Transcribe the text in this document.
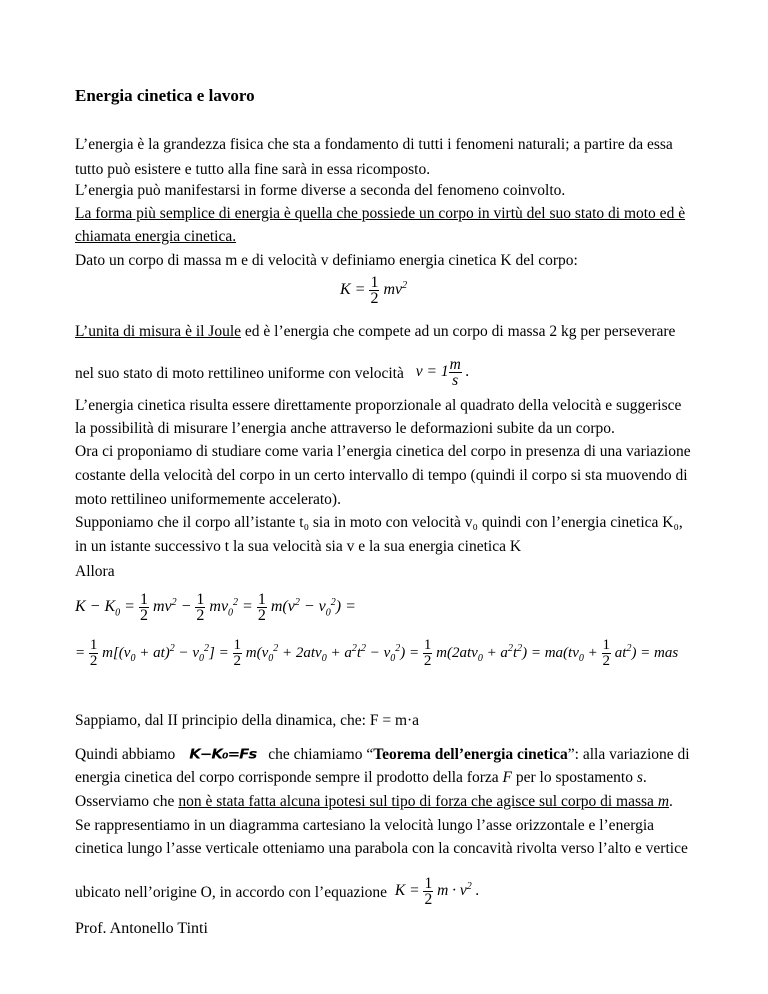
Energia cinetica e lavoro
L’energia è la grandezza fisica che sta a fondamento di tutti i fenomeni naturali; a partire da essa
tutto può esistere e tutto alla fine sarà in essa ricomposto.
L’energia può manifestarsi in forme diverse a seconda del fenomeno coinvolto.
La forma più semplice di energia è quella che possiede un corpo in virtù del suo stato di moto ed è
chiamata energia cinetica.
Dato un corpo di massa m e di velocità v definiamo energia cinetica K del corpo:
$K = \frac{1}{2} mv^2$
L’unita di misura è il Joule ed è l’energia che compete ad un corpo di massa 2 kg per perseverare
nel suo stato di moto rettilineo uniforme con velocità $v = 1 \frac{m}{s}$ .
L’energia cinetica risulta essere direttamente proporzionale al quadrato della velocità e suggerisce
la possibilità di misurare l’energia anche attraverso le deformazioni subite da un corpo.
Ora ci proponiamo di studiare come varia l’energia cinetica del corpo in presenza di una variazione
costante della velocità del corpo in un certo intervallo di tempo (quindi il corpo si sta muovendo di
moto rettilineo uniformemente accelerato).
Supponiamo che il corpo all’istante t₀ sia in moto con velocità v₀ quindi con l’energia cinetica K₀,
in un istante successivo t la sua velocità sia v e la sua energia cinetica K
Allora
$K - K_0 = \frac{1}{2} mv^2 - \frac{1}{2} mv_0^2 = \frac{1}{2} m(v^2 - v_0^2)$ =
= $\frac{1}{2} m[(v_0 + at)^2 - v_0^2] = \frac{1}{2} m(v_0^2 + 2atv_0 + a^2t^2 - v_0^2) = \frac{1}{2} m(2atv_0 + a^2t^2) = ma(tv_0 + \frac{1}{2} at^2)$ = mas
Sappiamo, dal II principio della dinamica, che: F = m·a
Quindi abbiamo K−K₀=Fs che chiamiamo “Teorema dell’energia cinetica”: alla variazione di
energia cinetica del corpo corrisponde sempre il prodotto della forza F per lo spostamento s.
Osserviamo che non è stata fatta alcuna ipotesi sul tipo di forza che agisce sul corpo di massa m.
Se rappresentiamo in un diagramma cartesiano la velocità lungo l’asse orizzontale e l’energia
cinetica lungo l’asse verticale otteniamo una parabola con la concavità rivolta verso l’alto e vertice
ubicato nell’origine O, in accordo con l’equazione $K = \frac{1}{2}$ $m \cdot v^2$ .
Prof. Antonello Tinti
